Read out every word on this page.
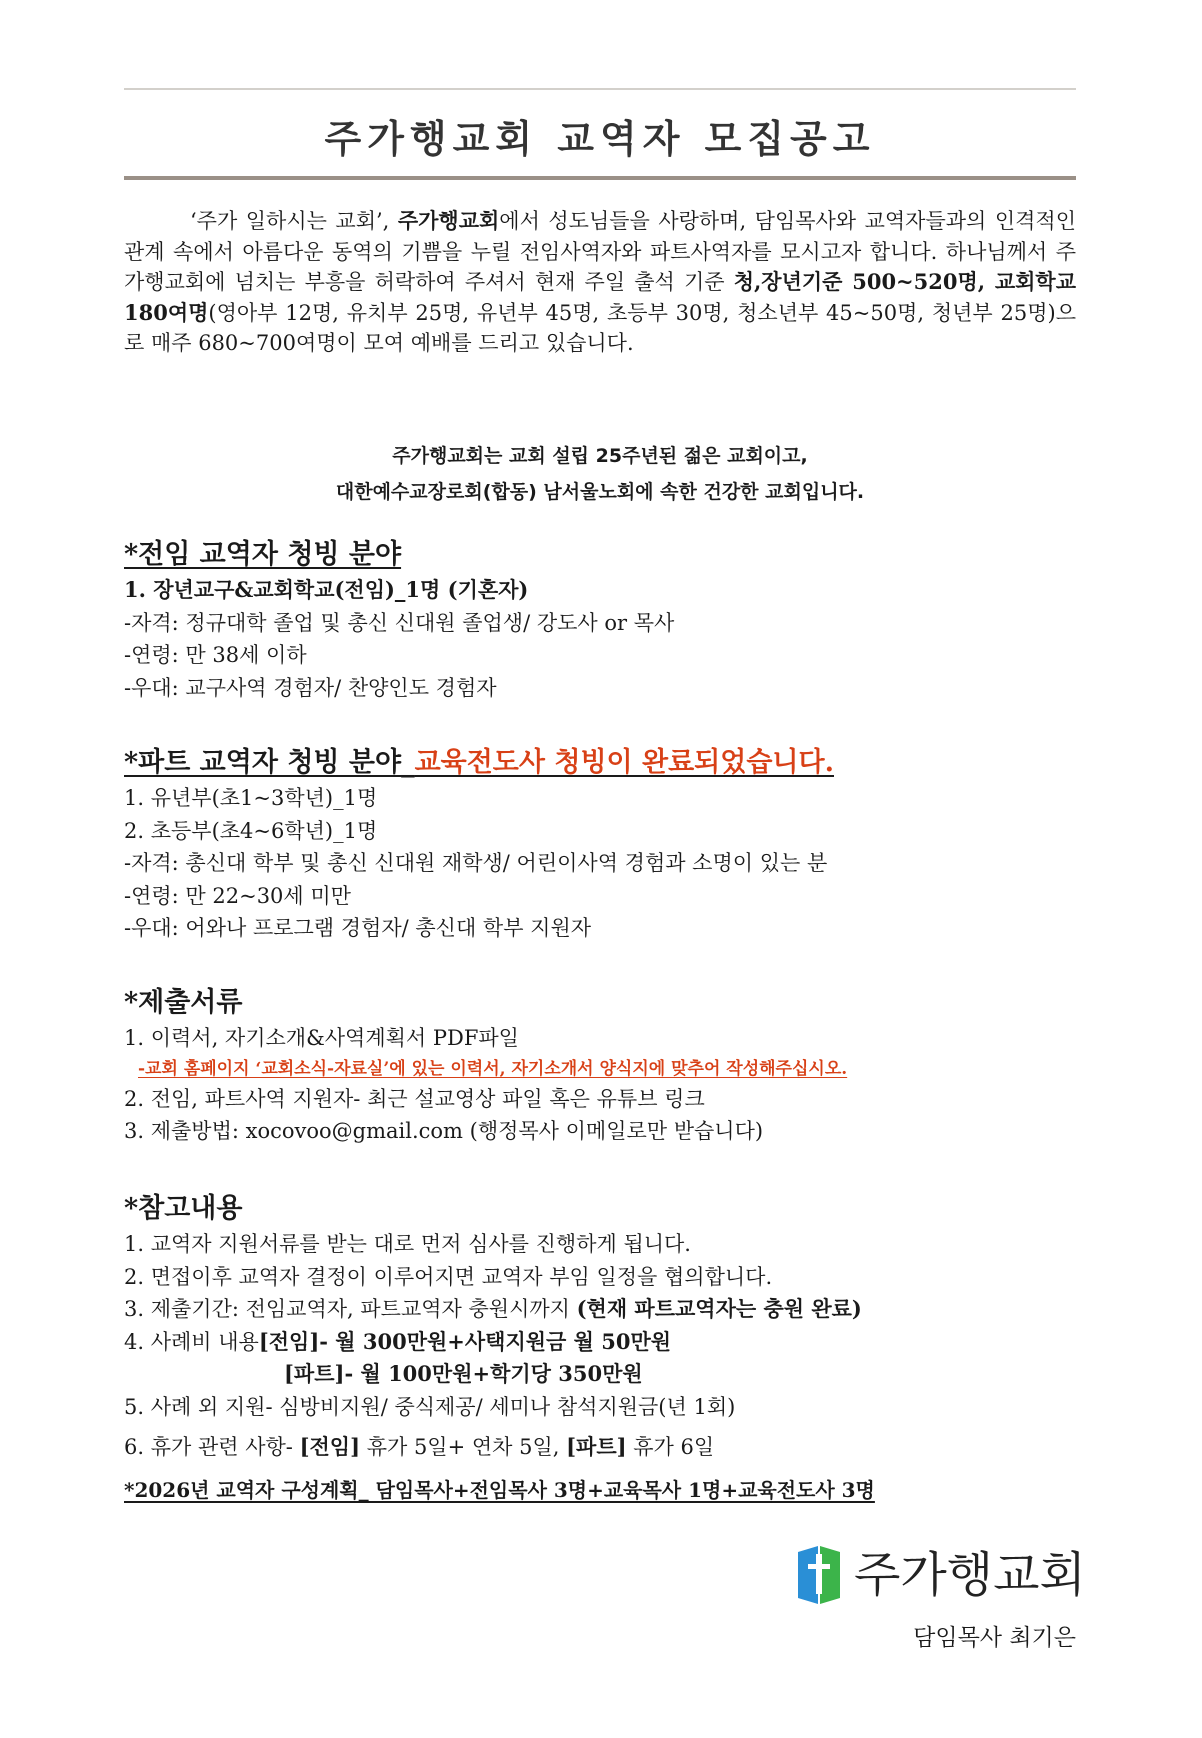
주가행교회 교역자 모집공고
‘주가 일하시는 교회’, 주가행교회에서 성도님들을 사랑하며, 담임목사와 교역자들과의 인격적인 관계 속에서 아름다운 동역의 기쁨을 누릴 전임사역자와 파트사역자를 모시고자 합니다. 하나님께서 주가행교회에 넘치는 부흥을 허락하여 주셔서 현재 주일 출석 기준 청,장년기준 500~520명, 교회학교 180여명(영아부 12명, 유치부 25명, 유년부 45명, 초등부 30명, 청소년부 45~50명, 청년부 25명)으로 매주 680~700여명이 모여 예배를 드리고 있습니다.
주가행교회는 교회 설립 25주년된 젊은 교회이고,
대한예수교장로회(합동) 남서울노회에 속한 건강한 교회입니다.
*전임 교역자 청빙 분야
1. 장년교구&교회학교(전임)_1명 (기혼자)
-자격: 정규대학 졸업 및 총신 신대원 졸업생/ 강도사 or 목사
-연령: 만 38세 이하
-우대: 교구사역 경험자/ 찬양인도 경험자
*파트 교역자 청빙 분야_교육전도사 청빙이 완료되었습니다.
1. 유년부(초1~3학년)_1명
2. 초등부(초4~6학년)_1명
-자격: 총신대 학부 및 총신 신대원 재학생/ 어린이사역 경험과 소명이 있는 분
-연령: 만 22~30세 미만
-우대: 어와나 프로그램 경험자/ 총신대 학부 지원자
*제출서류
1. 이력서, 자기소개&사역계획서 PDF파일
-교회 홈페이지 ‘교회소식-자료실’에 있는 이력서, 자기소개서 양식지에 맞추어 작성해주십시오.
2. 전임, 파트사역 지원자- 최근 설교영상 파일 혹은 유튜브 링크
3. 제출방법: xocovoo@gmail.com (행정목사 이메일로만 받습니다)
*참고내용
1. 교역자 지원서류를 받는 대로 먼저 심사를 진행하게 됩니다.
2. 면접이후 교역자 결정이 이루어지면 교역자 부임 일정을 협의합니다.
3. 제출기간: 전임교역자, 파트교역자 충원시까지 (현재 파트교역자는 충원 완료)
4. 사례비 내용[전임]- 월 300만원+사택지원금 월 50만원
[파트]- 월 100만원+학기당 350만원
5. 사례 외 지원- 심방비지원/ 중식제공/ 세미나 참석지원금(년 1회)
6. 휴가 관련 사항- [전임] 휴가 5일+ 연차 5일, [파트] 휴가 6일
*2026년 교역자 구성계획_ 담임목사+전임목사 3명+교육목사 1명+교육전도사 3명
주가행교회
담임목사 최기은
